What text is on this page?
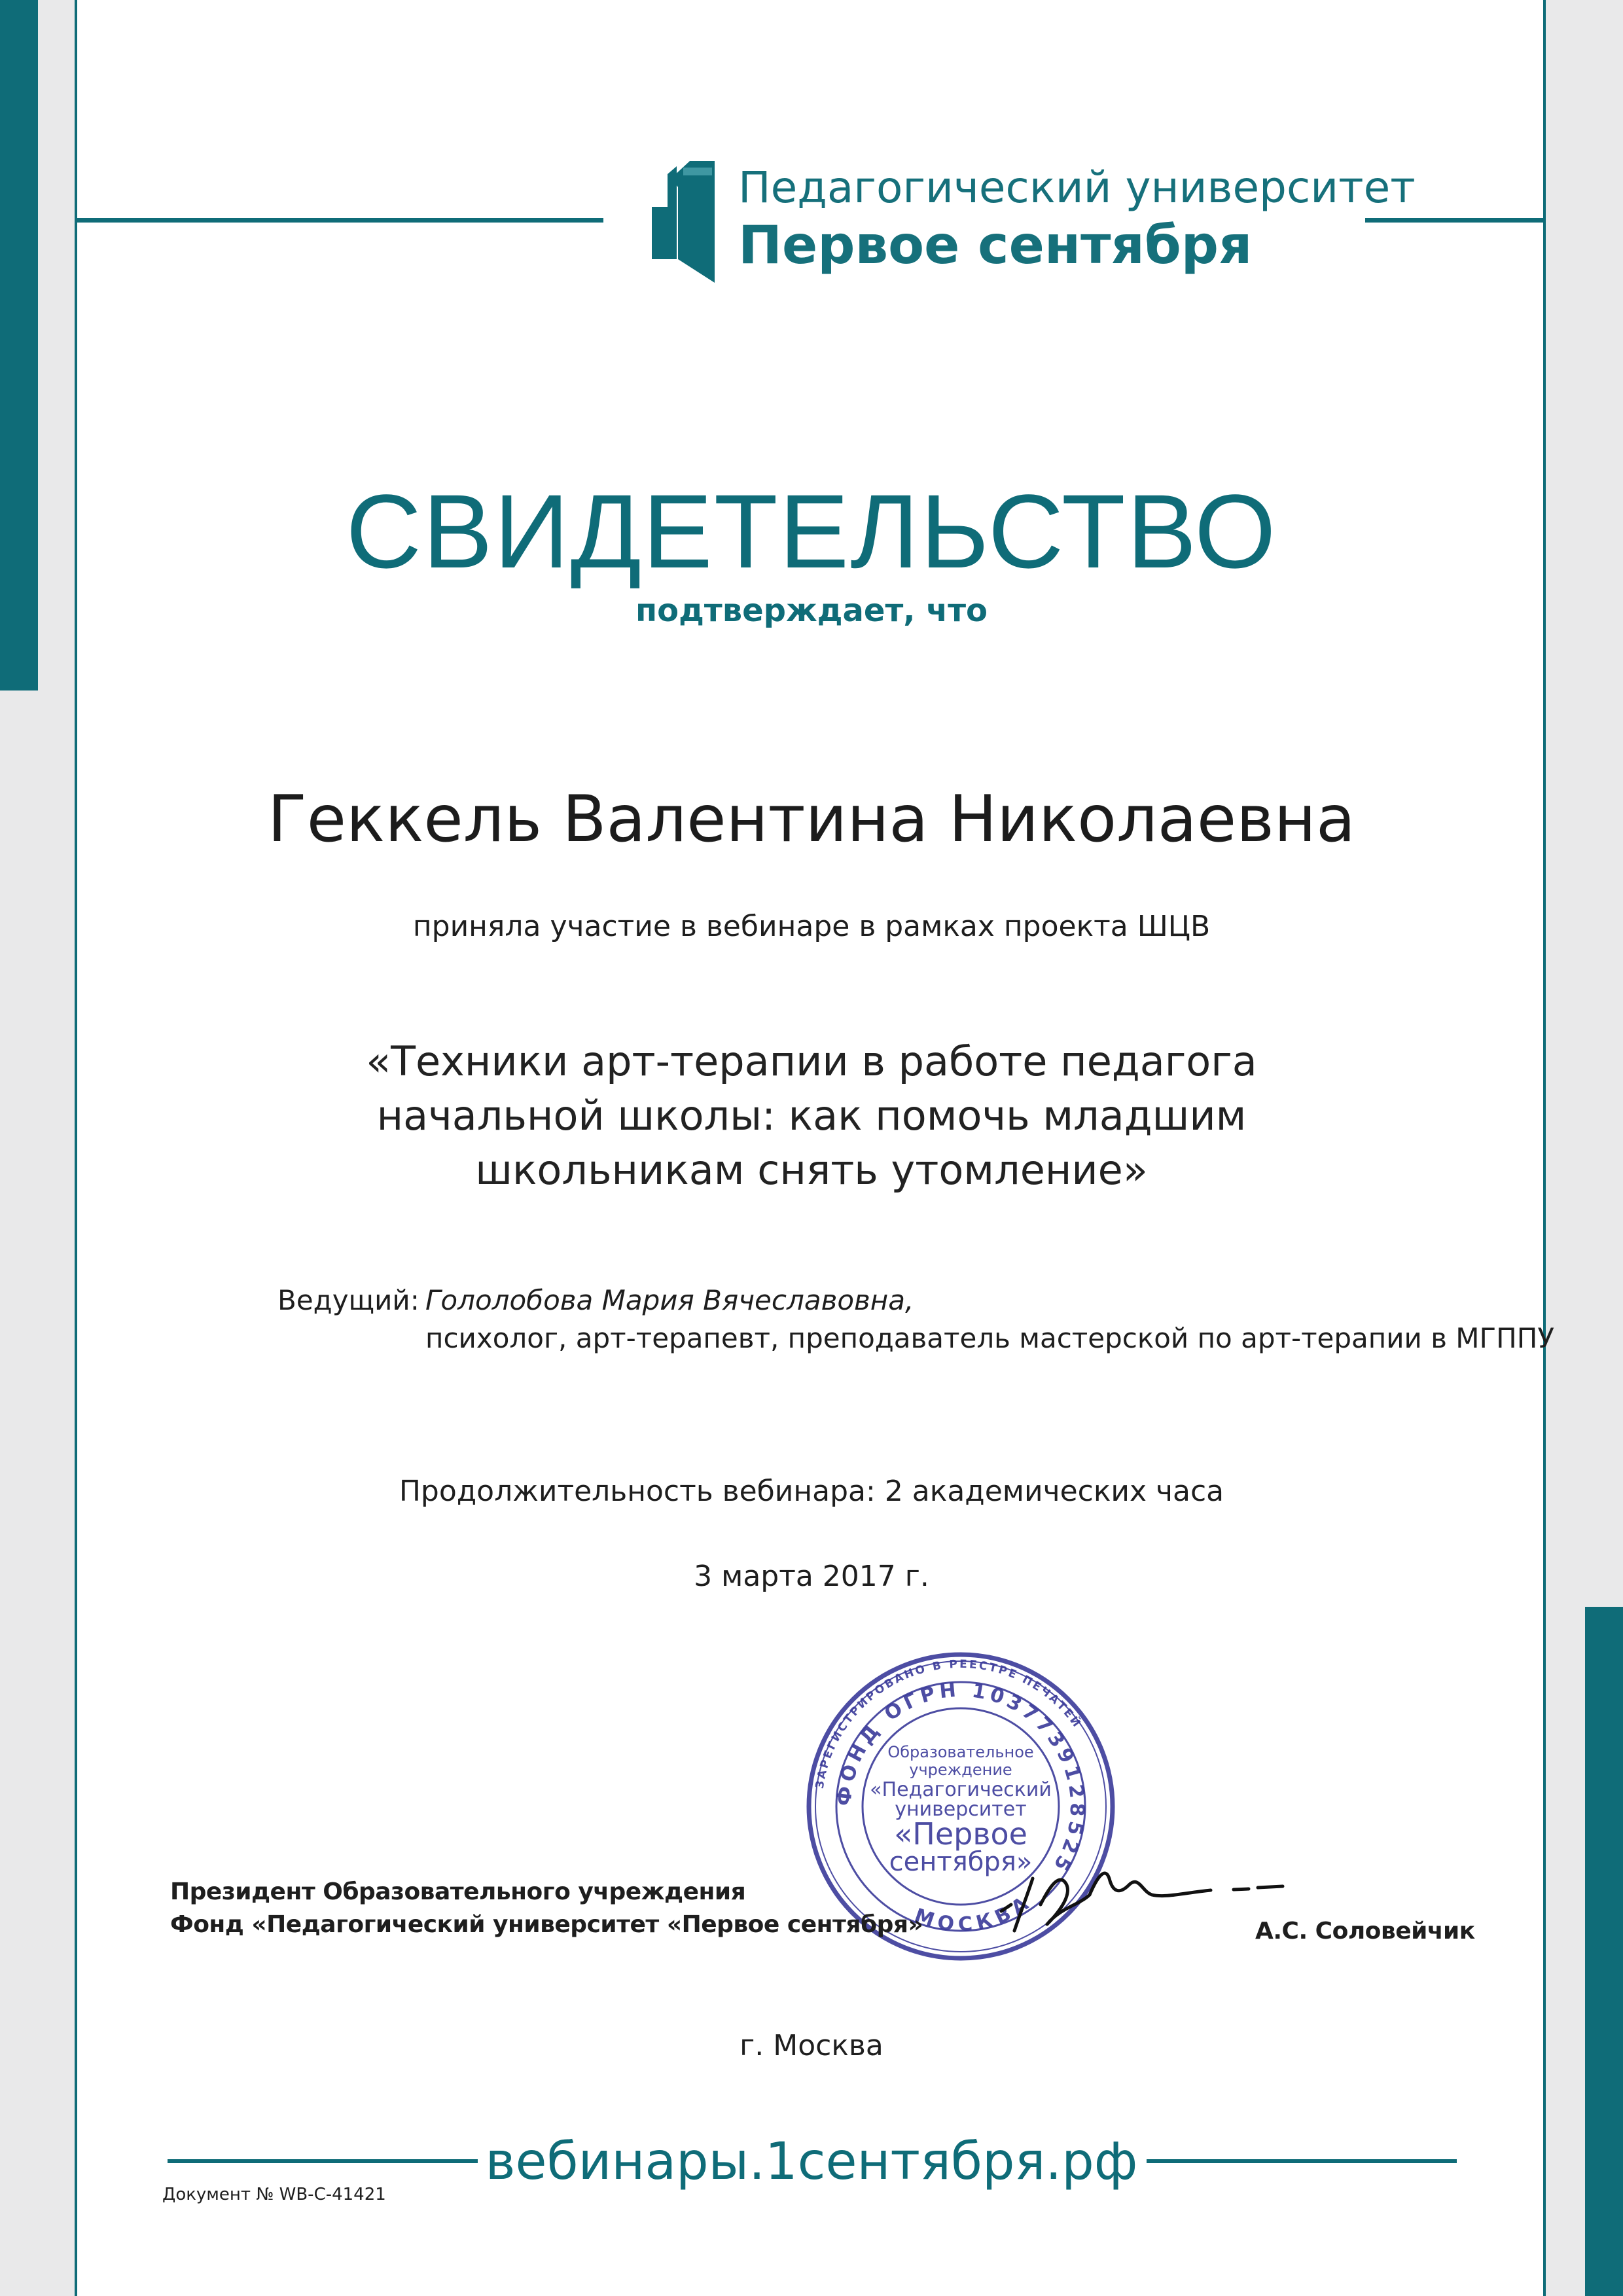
Педагогический университет
Первое сентября
СВИДЕТЕЛЬСТВО
подтверждает, что
Геккель Валентина Николаевна
приняла участие в вебинаре в рамках проекта ШЦВ
«Техники арт-терапии в работе педагога
начальной школы: как помочь младшим
школьникам снять утомление»
Ведущий: Гололобова Мария Вячеславовна,
психолог, арт-терапевт, преподаватель мастерской по арт-терапии в МГППУ
Продолжительность вебинара: 2 академических часа
3 марта 2017 г.
ЗАРЕГИСТРИРОВАНО В РЕЕСТРЕ ПЕЧАТЕЙ
ФОНД ОГРН 1037739128525
МОСКВА
Образовательное
учреждение
«Педагогический
университет
«Первое
сентября»
Президент Образовательного учреждения
Фонд «Педагогический университет «Первое сентября»	А.С. Соловейчик
г. Москва
вебинары.1сентября.рф
Документ № WB-C-41421
